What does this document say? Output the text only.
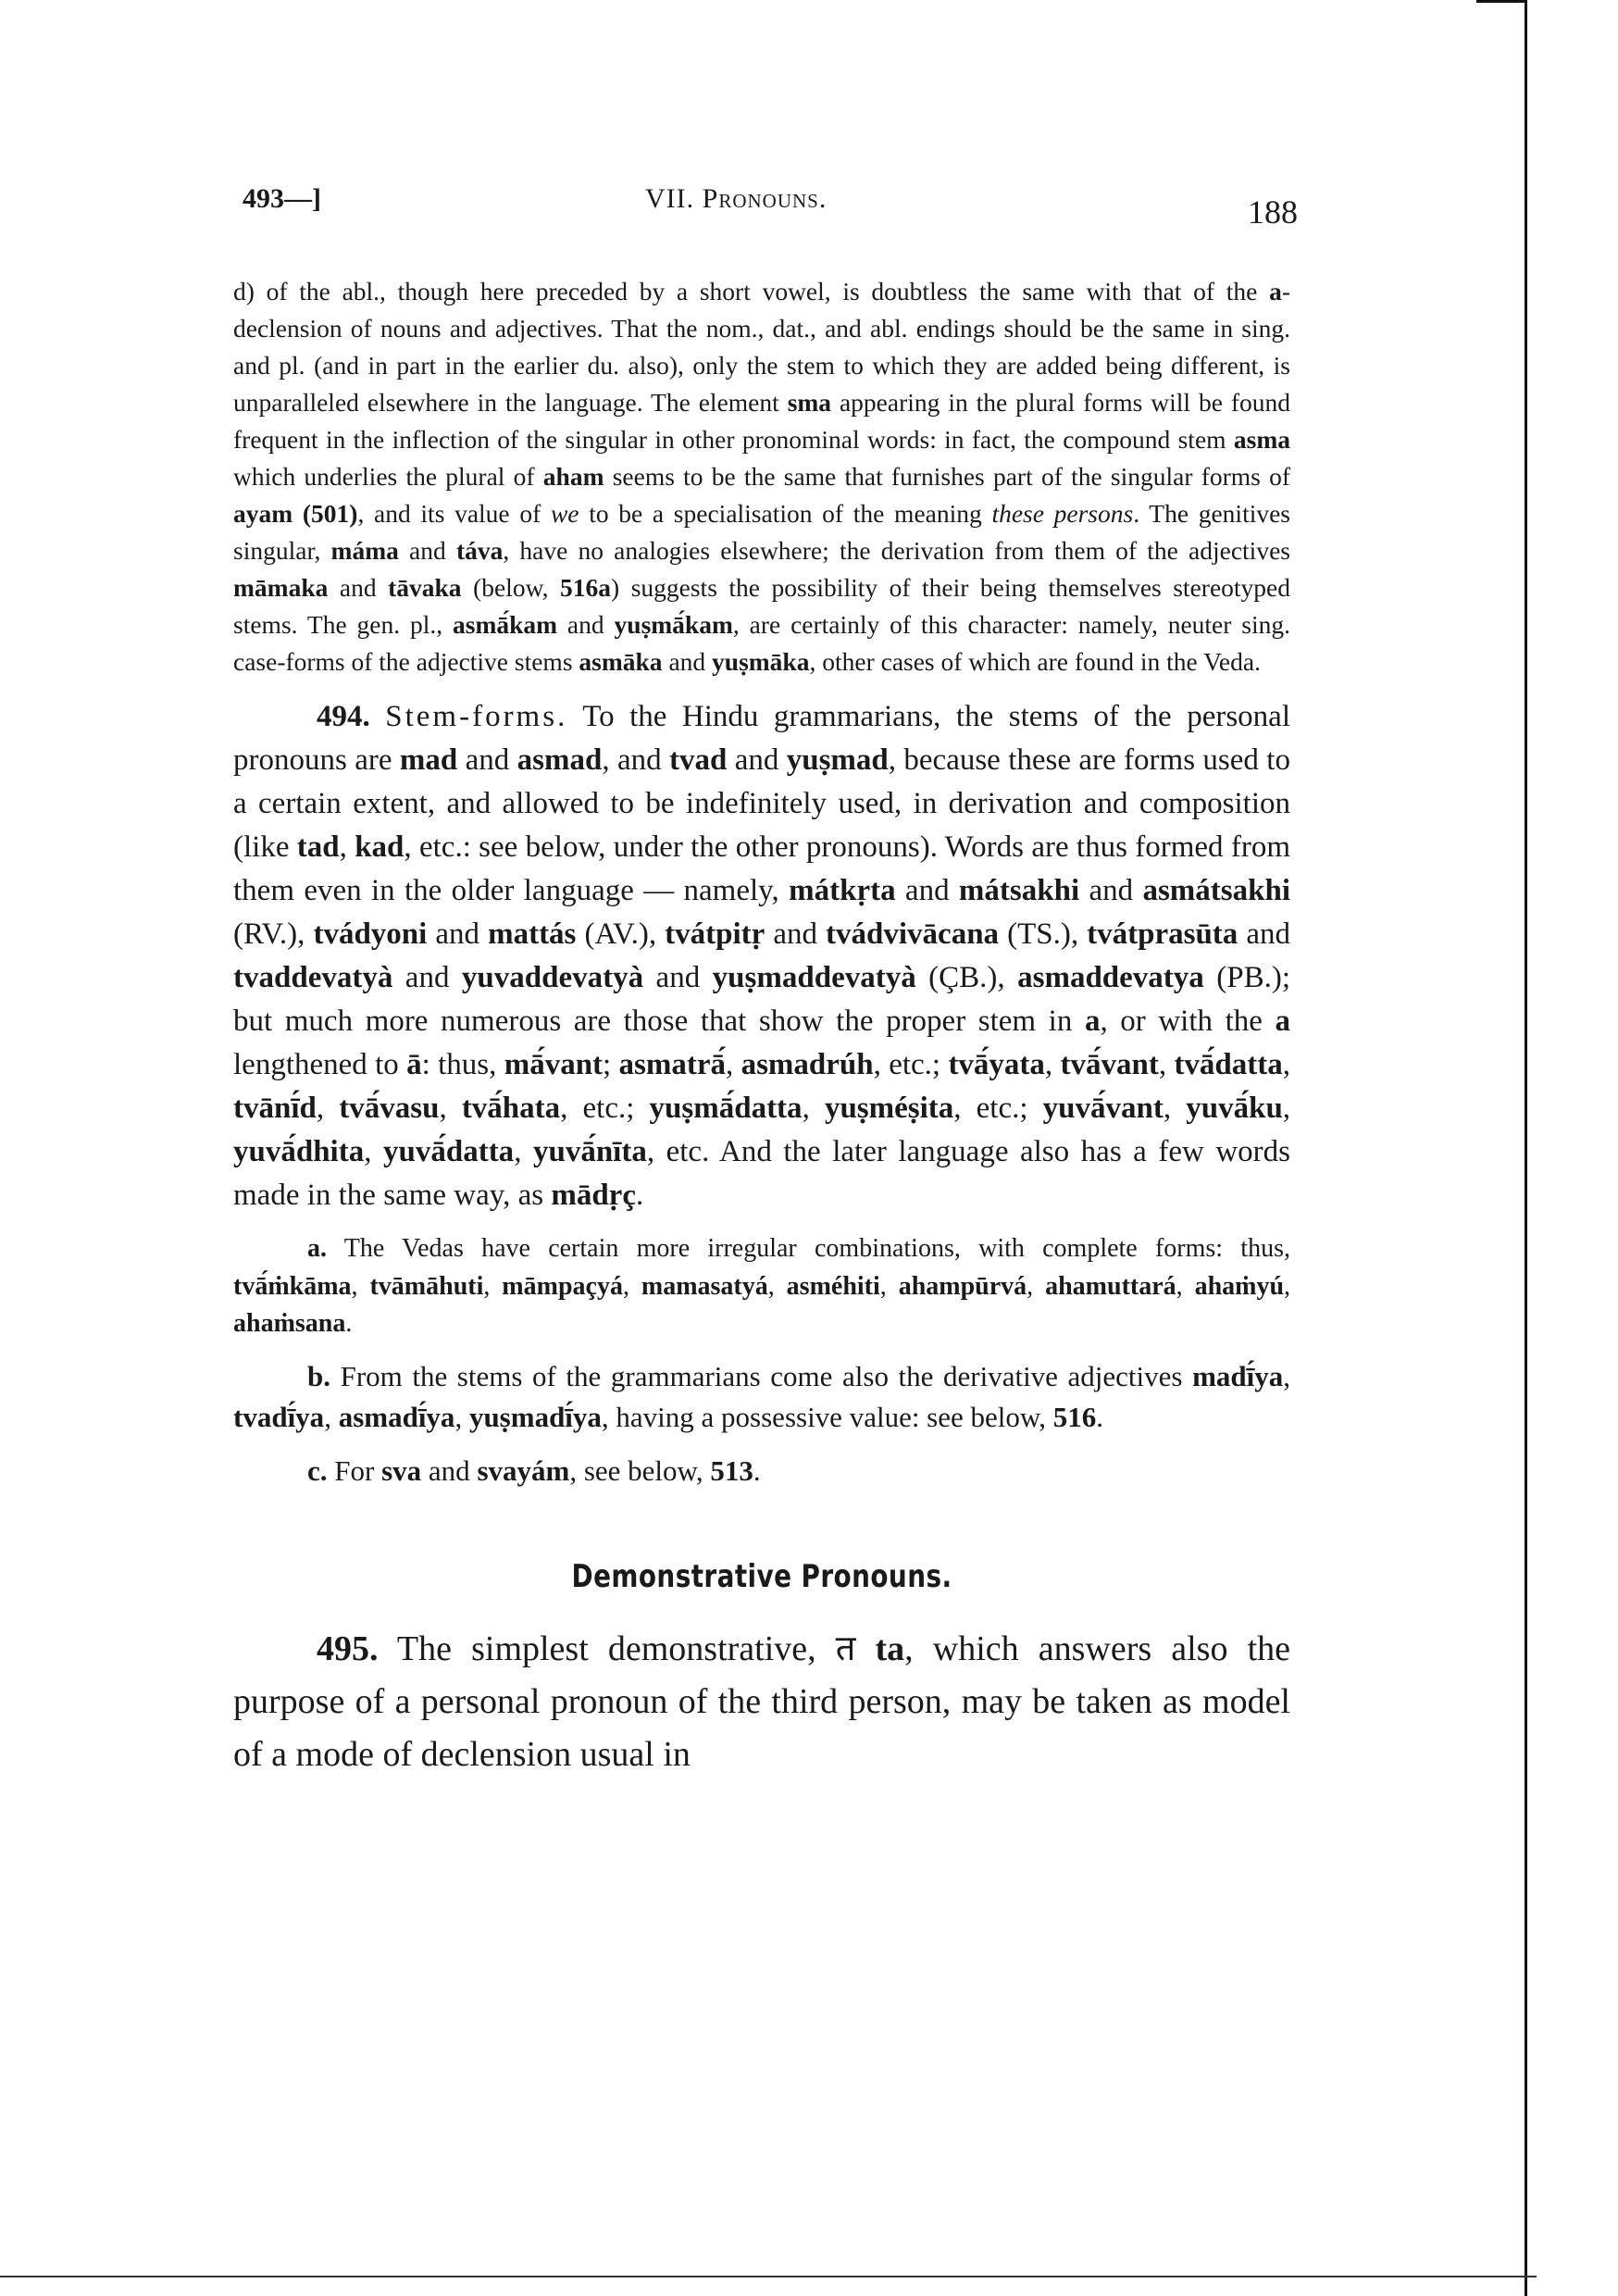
493—]	VII. Pronouns.	188

d) of the abl., though here preceded by a short vowel, is doubtless the same with that of the a-declension of nouns and adjectives. That the nom., dat., and abl. endings should be the same in sing. and pl. (and in part in the earlier du. also), only the stem to which they are added being different, is unparalleled elsewhere in the language. The element sma appearing in the plural forms will be found frequent in the inflection of the singular in other pronominal words: in fact, the compound stem asma which underlies the plural of aham seems to be the same that furnishes part of the singular forms of ayam (501), and its value of we to be a specialisation of the meaning these persons. The genitives singular, máma and táva, have no analogies elsewhere; the derivation from them of the adjectives māmaka and tāvaka (below, 516a) suggests the possibility of their being themselves stereotyped stems. The gen. pl., asmā́kam and yuṣmā́kam, are certainly of this character: namely, neuter sing. case-forms of the adjective stems asmāka and yuṣmāka, other cases of which are found in the Veda.

494. Stem-forms. To the Hindu grammarians, the stems of the personal pronouns are mad and asmad, and tvad and yuṣmad, because these are forms used to a certain extent, and allowed to be indefinitely used, in derivation and composition (like tad, kad, etc.: see below, under the other pronouns). Words are thus formed from them even in the older language — namely, mátkṛta and mátsakhi and asmátsakhi (RV.), tvádyoni and mattás (AV.), tvátpitṛ and tvádvivācana (TS.), tvátprasūta and tvaddevatyà and yuvaddevatyà and yuṣmaddevatyà (ÇB.), asmaddevatya (PB.); but much more numerous are those that show the proper stem in a, or with the a lengthened to ā: thus, mā́vant; asmatrā́, asmadrúh, etc.; tvā́yata, tvā́vant, tvā́datta, tvānī́d, tvā́vasu, tvā́hata, etc.; yuṣmā́datta, yuṣméṣita, etc.; yuvā́vant, yuvā́ku, yuvā́dhita, yuvā́datta, yuvā́nīta, etc. And the later language also has a few words made in the same way, as mādṛç.

a. The Vedas have certain more irregular combinations, with complete forms: thus, tvā́ṁkāma, tvāmāhuti, māmpaçyá, mamasatyá, asméhiti, ahampūrvá, ahamuttará, ahaṁyú, ahaṁsana.

b. From the stems of the grammarians come also the derivative adjectives madī́ya, tvadī́ya, asmadī́ya, yuṣmadī́ya, having a possessive value: see below, 516.

c. For sva and svayám, see below, 513.

Demonstrative Pronouns.

495. The simplest demonstrative, त ta, which answers also the purpose of a personal pronoun of the third person, may be taken as model of a mode of declension usual in
